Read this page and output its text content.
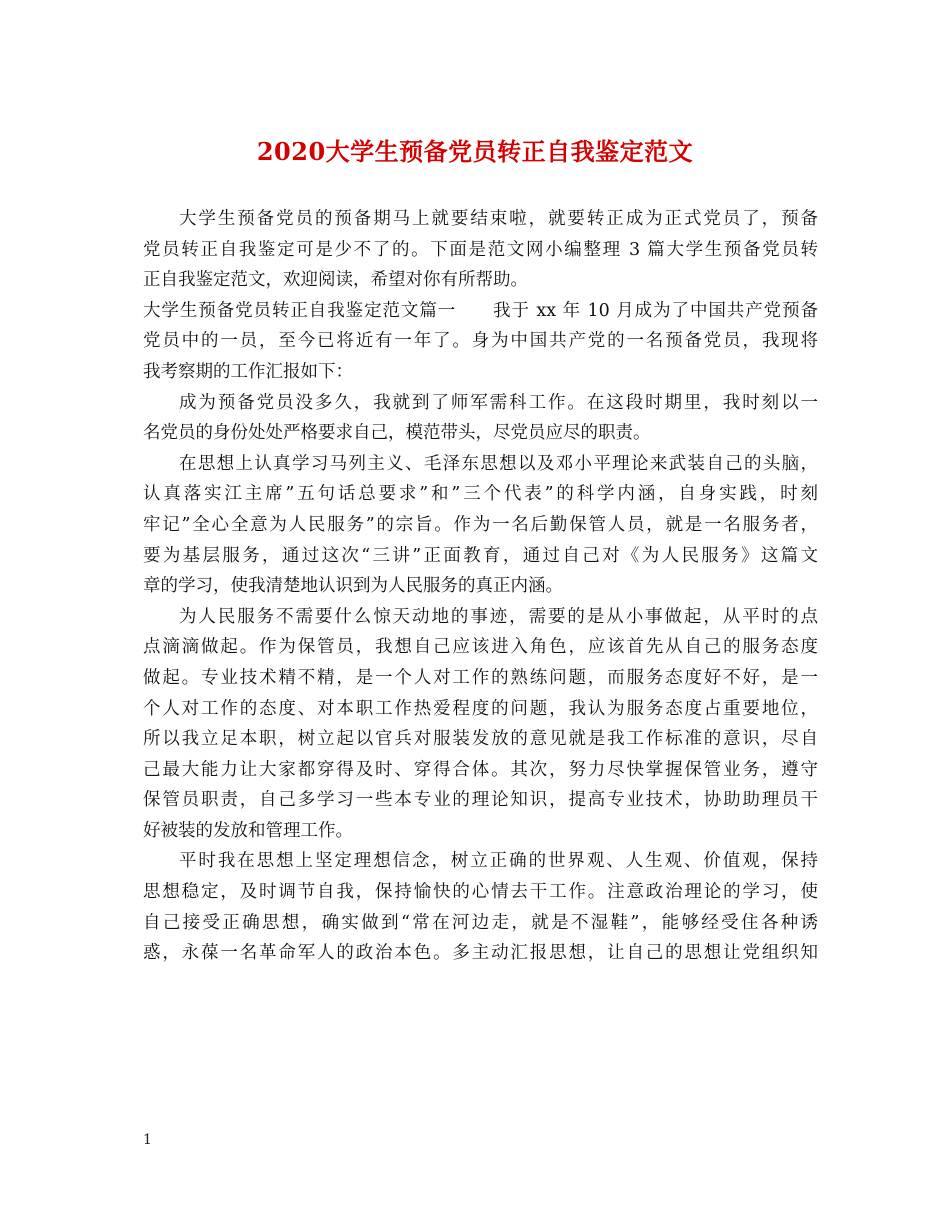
2020大学生预备党员转正自我鉴定范文
大学生预备党员的预备期马上就要结束啦，就要转正成为正式党员了，预备
党员转正自我鉴定可是少不了的。下面是范文网小编整理 3 篇大学生预备党员转
正自我鉴定范文，欢迎阅读，希望对你有所帮助。
大学生预备党员转正自我鉴定范文篇一　　我于 xx 年 10 月成为了中国共产党预备
党员中的一员，至今已将近有一年了。身为中国共产党的一名预备党员，我现将
我考察期的工作汇报如下：
成为预备党员没多久，我就到了师军需科工作。在这段时期里，我时刻以一
名党员的身份处处严格要求自己，模范带头，尽党员应尽的职责。
在思想上认真学习马列主义、毛泽东思想以及邓小平理论来武装自己的头脑，
认真落实江主席”五句话总要求”和”三个代表”的科学内涵，自身实践，时刻
牢记”全心全意为人民服务”的宗旨。作为一名后勤保管人员，就是一名服务者，
要为基层服务，通过这次“三讲”正面教育，通过自己对《为人民服务》这篇文
章的学习，使我清楚地认识到为人民服务的真正内涵。
为人民服务不需要什么惊天动地的事迹，需要的是从小事做起，从平时的点
点滴滴做起。作为保管员，我想自己应该进入角色，应该首先从自己的服务态度
做起。专业技术精不精，是一个人对工作的熟练问题，而服务态度好不好，是一
个人对工作的态度、对本职工作热爱程度的问题，我认为服务态度占重要地位，
所以我立足本职，树立起以官兵对服装发放的意见就是我工作标准的意识，尽自
己最大能力让大家都穿得及时、穿得合体。其次，努力尽快掌握保管业务，遵守
保管员职责，自己多学习一些本专业的理论知识，提高专业技术，协助助理员干
好被装的发放和管理工作。
平时我在思想上坚定理想信念，树立正确的世界观、人生观、价值观，保持
思想稳定，及时调节自我，保持愉快的心情去干工作。注意政治理论的学习，使
自己接受正确思想，确实做到“常在河边走，就是不湿鞋”，能够经受住各种诱
惑，永葆一名革命军人的政治本色。多主动汇报思想，让自己的思想让党组织知
1
